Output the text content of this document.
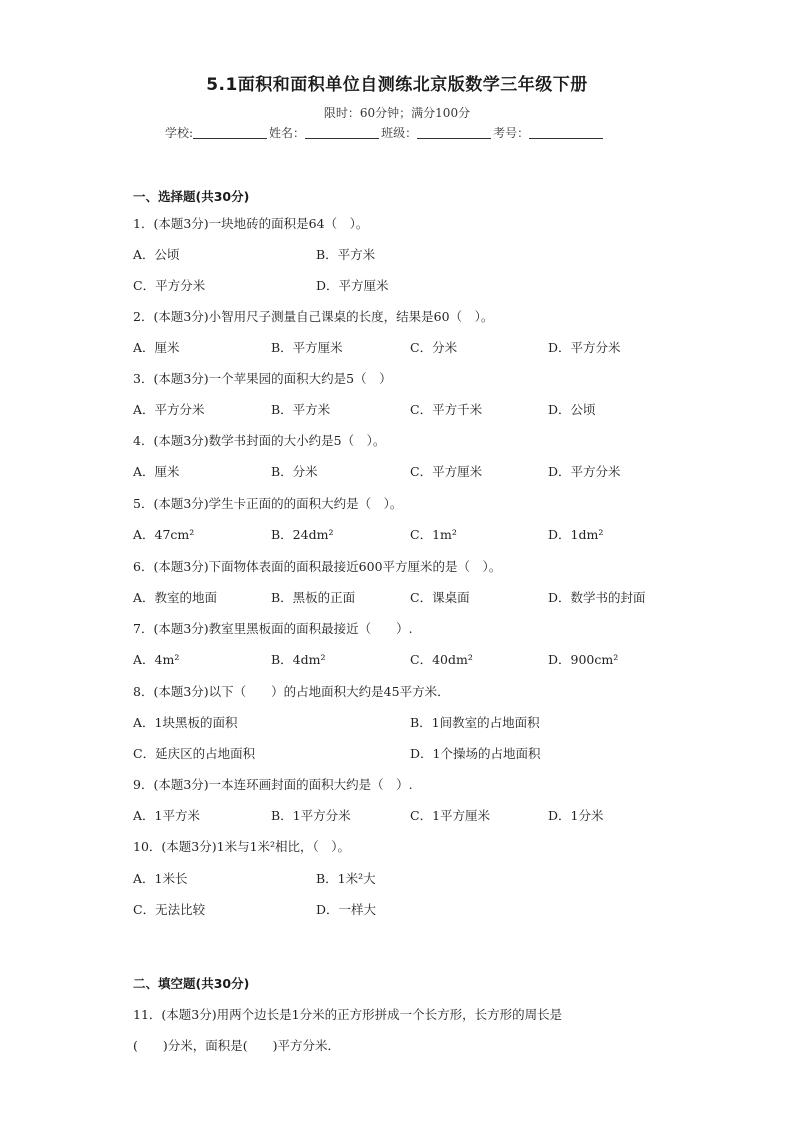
5.1面积和面积单位自测练北京版数学三年级下册
限时：60分钟；满分100分
学校:	姓名：	班级：	考号：
一、选择题(共30分)
1．(本题3分)一块地砖的面积是64（　）。
A．公顷	B．平方米
C．平方分米	D．平方厘米
2．(本题3分)小智用尺子测量自己课桌的长度，结果是60（　）。
A．厘米	B．平方厘米	C．分米	D．平方分米
3．(本题3分)一个苹果园的面积大约是5（　）
A．平方分米	B．平方米	C．平方千米	D．公顷
4．(本题3分)数学书封面的大小约是5（　）。
A．厘米	B．分米	C．平方厘米	D．平方分米
5．(本题3分)学生卡正面的的面积大约是（　）。
A．47cm²	B．24dm²	C．1m²	D．1dm²
6．(本题3分)下面物体表面的面积最接近600平方厘米的是（　）。
A．教室的地面	B．黑板的正面	C．课桌面	D．数学书的封面
7．(本题3分)教室里黑板面的面积最接近（　　）.
A．4m²	B．4dm²	C．40dm²	D．900cm²
8．(本题3分)以下（　　）的占地面积大约是45平方米．
A．1块黑板的面积	B．1间教室的占地面积
C．延庆区的占地面积	D．1个操场的占地面积
9．(本题3分)一本连环画封面的面积大约是（　）.
A．1平方米	B．1平方分米	C．1平方厘米	D．1分米
10．(本题3分)1米与1米²相比，（　）。
A．1米长	B．1米²大
C．无法比较	D．一样大
二、填空题(共30分)
11．(本题3分)用两个边长是1分米的正方形拼成一个长方形，长方形的周长是
(　　)分米，面积是(　　)平方分米．
